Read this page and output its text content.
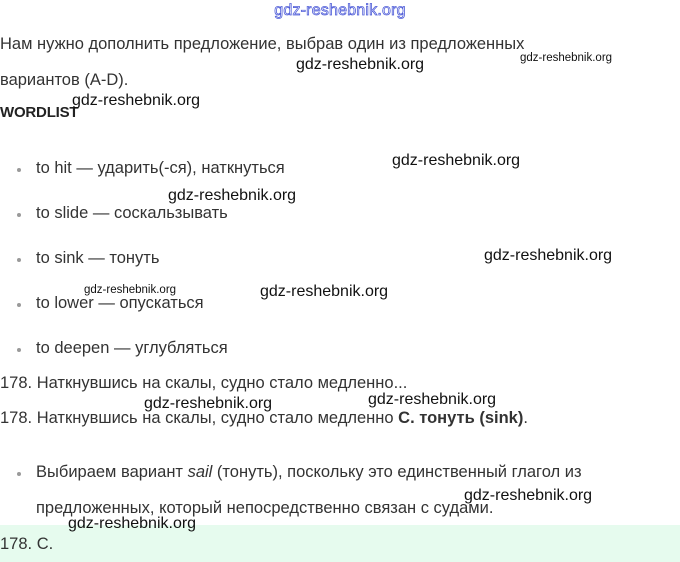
gdz-reshebnik.org
Нам нужно дополнить предложение, выбрав один из предложенных
вариантов (A-D).
WORDLIST
to hit — ударить(-ся), наткнуться
to slide — соскальзывать
to sink — тонуть
to lower — опускаться
to deepen — углубляться
178. Наткнувшись на скалы, судно стало медленно...
178. Наткнувшись на скалы, судно стало медленно C. тонуть (sink).
Выбираем вариант sail (тонуть), поскольку это единственный глагол из
предложенных, который непосредственно связан с судами.
178. C.
gdz-reshebnik.org	gdz-reshebnik.org
gdz-reshebnik.org
gdz-reshebnik.org
gdz-reshebnik.org
gdz-reshebnik.org
gdz-reshebnik.org	gdz-reshebnik.org
gdz-reshebnik.org
gdz-reshebnik.org
gdz-reshebnik.org
gdz-reshebnik.org
